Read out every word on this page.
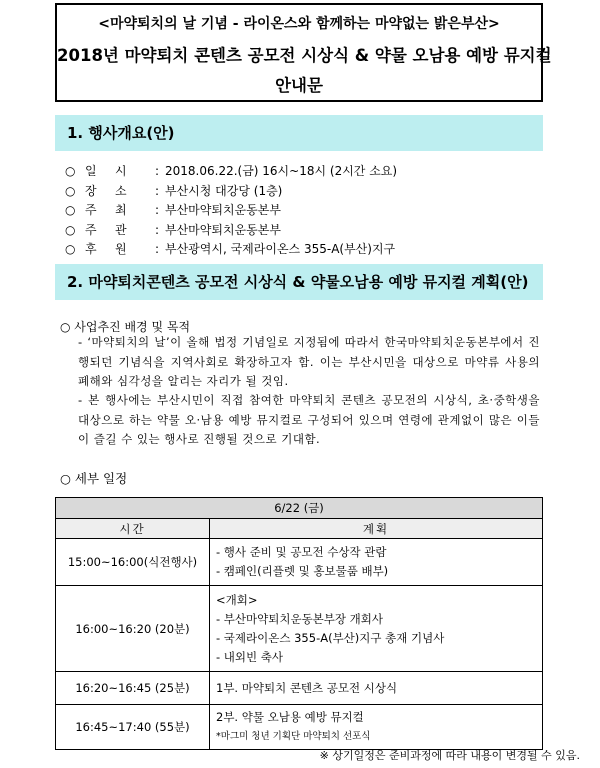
<마약퇴치의 날 기념 - 라이온스와 함께하는 마약없는 밝은부산>
2018년 마약퇴치 콘텐츠 공모전 시상식 & 약물 오남용 예방 뮤지컬
안내문
1. 행사개요(안)
○ 일 시 : 2018.06.22.(금) 16시~18시 (2시간 소요)
○ 장 소 : 부산시청 대강당 (1층)
○ 주 최 : 부산마약퇴치운동본부
○ 주 관 : 부산마약퇴치운동본부
○ 후 원 : 부산광역시, 국제라이온스 355-A(부산)지구
2. 마약퇴치콘텐츠 공모전 시상식 & 약물오남용 예방 뮤지컬 계획(안)
○ 사업추진 배경 및 목적
- ‘마약퇴치의 날’이 올해 법정 기념일로 지정됨에 따라서 한국마약퇴치운동본부에서 진행되던 기념식을 지역사회로 확장하고자 함. 이는 부산시민을 대상으로 마약류 사용의 폐해와 심각성을 알리는 자리가 될 것임.
- 본 행사에는 부산시민이 직접 참여한 마약퇴치 콘텐츠 공모전의 시상식, 초·중학생을 대상으로 하는 약물 오·남용 예방 뮤지컬로 구성되어 있으며 연령에 관계없이 많은 이들이 즐길 수 있는 행사로 진행될 것으로 기대함.
○ 세부 일정
6/22 (금)	
시간	계획
15:00~16:00(식전행사)	- 행사 준비 및 공모전 수상작 관람
- 캠페인(리플렛 및 홍보물품 배부)

16:00~16:20 (20분)	<개회>
- 부산마약퇴치운동본부장 개회사
- 국제라이온스 355-A(부산)지구 총재 기념사
- 내외빈 축사

16:20~16:45 (25분)	1부. 마약퇴치 콘텐츠 공모전 시상식

16:45~17:40 (55분)	2부. 약물 오남용 예방 뮤지컬
*마그미 청년 기획단 마약퇴치 선포식
※ 상기일정은 준비과정에 따라 내용이 변경될 수 있음.
